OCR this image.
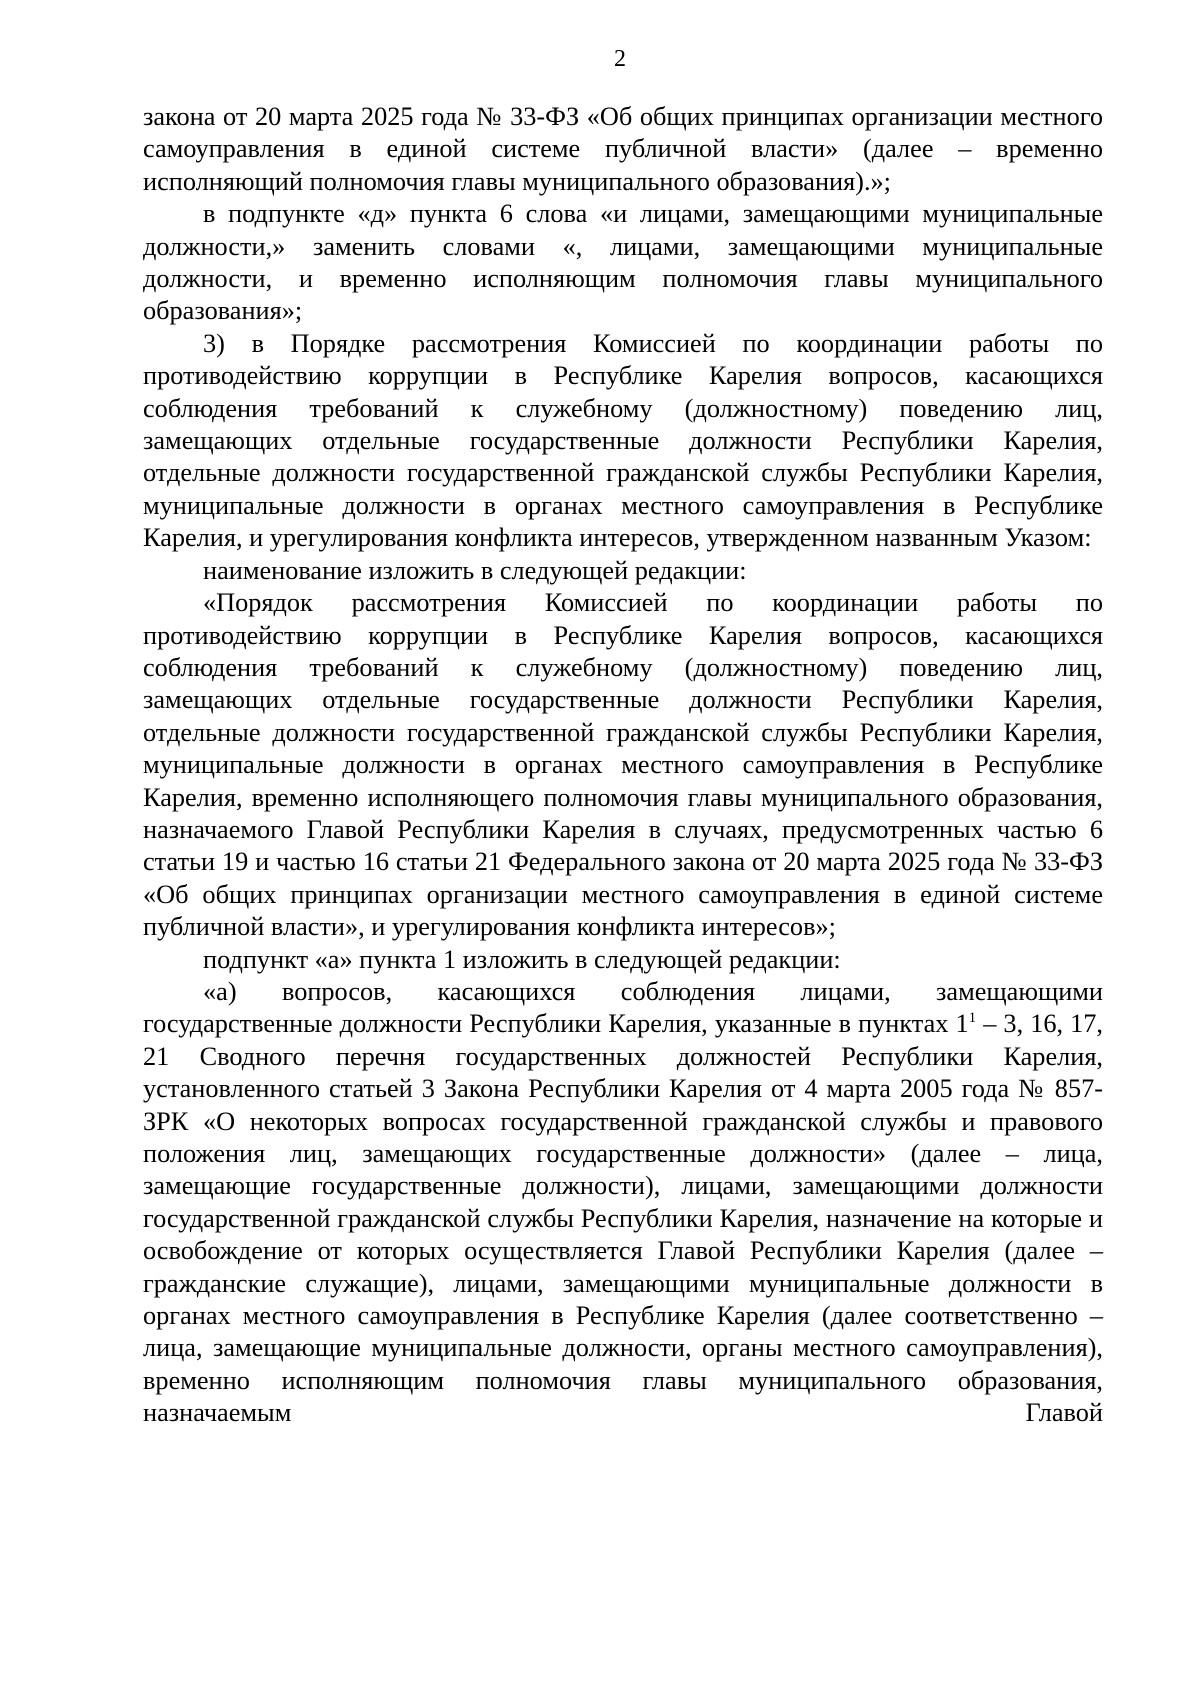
2

закона от 20 марта 2025 года № 33-ФЗ «Об общих принципах организации местного самоуправления в единой системе публичной власти» (далее – временно исполняющий полномочия главы муниципального образования).»;

в подпункте «д» пункта 6 слова «и лицами, замещающими муниципальные должности,» заменить словами «, лицами, замещающими муниципальные должности, и временно исполняющим полномочия главы муниципального образования»;

3) в Порядке рассмотрения Комиссией по координации работы по противодействию коррупции в Республике Карелия вопросов, касающихся соблюдения требований к служебному (должностному) поведению лиц, замещающих отдельные государственные должности Республики Карелия, отдельные должности государственной гражданской службы Республики Карелия, муниципальные должности в органах местного самоуправления в Республике Карелия, и урегулирования конфликта интересов, утвержденном названным Указом:

наименование изложить в следующей редакции:

«Порядок рассмотрения Комиссией по координации работы по противодействию коррупции в Республике Карелия вопросов, касающихся соблюдения требований к служебному (должностному) поведению лиц, замещающих отдельные государственные должности Республики Карелия, отдельные должности государственной гражданской службы Республики Карелия, муниципальные должности в органах местного самоуправления в Республике Карелия, временно исполняющего полномочия главы муниципального образования, назначаемого Главой Республики Карелия в случаях, предусмотренных частью 6 статьи 19 и частью 16 статьи 21 Федерального закона от 20 марта 2025 года № 33-ФЗ «Об общих принципах организации местного самоуправления в единой системе публичной власти», и урегулирования конфликта интересов»;

подпункт «а» пункта 1 изложить в следующей редакции:

«а) вопросов, касающихся соблюдения лицами, замещающими государственные должности Республики Карелия, указанные в пунктах $1^1 - 3$, 16, 17, 21 Сводного перечня государственных должностей Республики Карелия, установленного статьей 3 Закона Республики Карелия от 4 марта 2005 года № 857-ЗРК «О некоторых вопросах государственной гражданской службы и правового положения лиц, замещающих государственные должности» (далее – лица, замещающие государственные должности), лицами, замещающими должности государственной гражданской службы Республики Карелия, назначение на которые и освобождение от которых осуществляется Главой Республики Карелия (далее – гражданские служащие), лицами, замещающими муниципальные должности в органах местного самоуправления в Республике Карелия (далее соответственно – лица, замещающие муниципальные должности, органы местного самоуправления), временно исполняющим полномочия главы муниципального образования, назначаемым Главой
